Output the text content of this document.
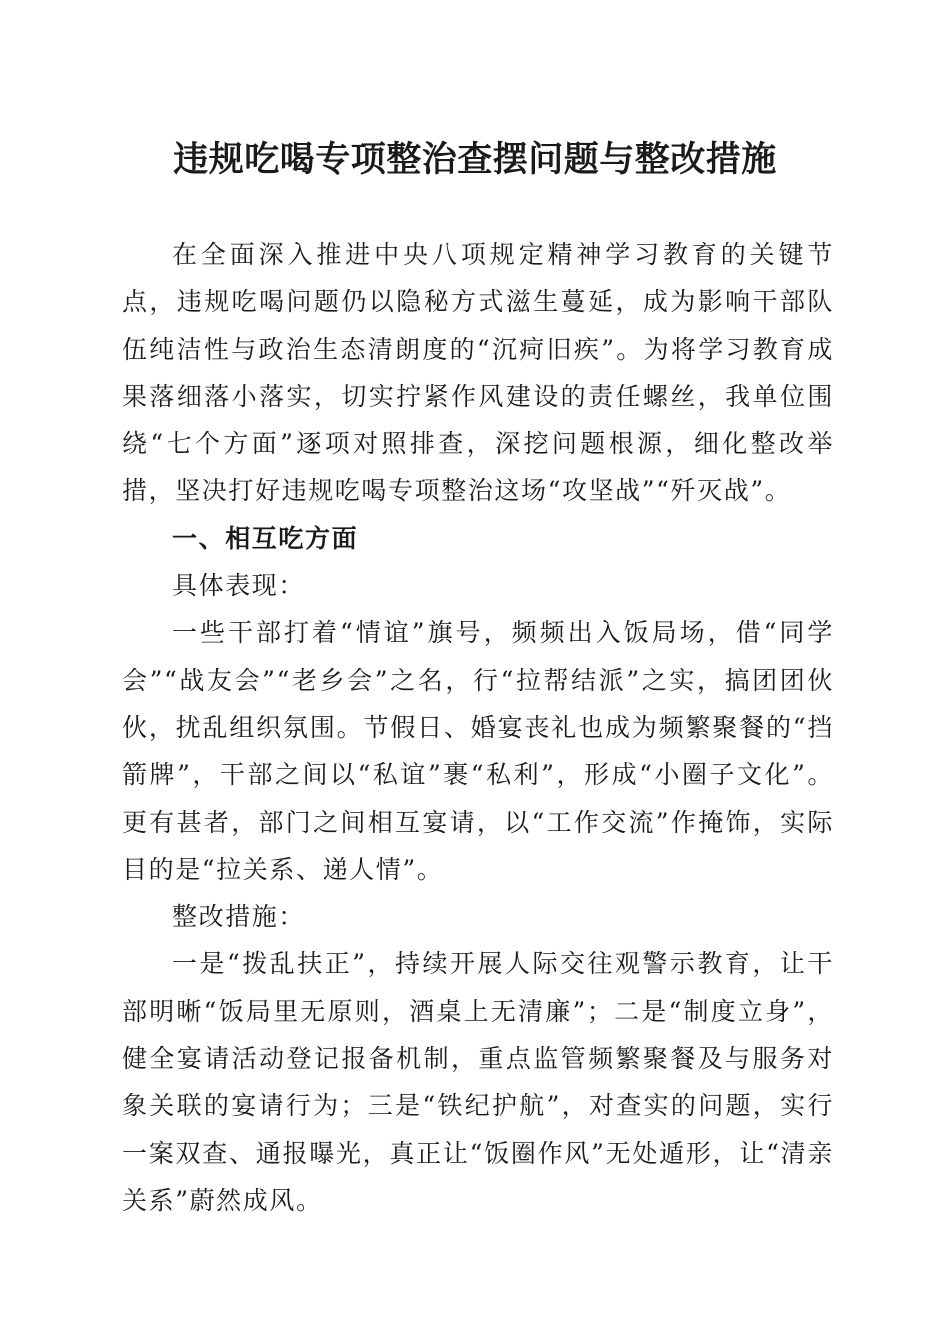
违规吃喝专项整治查摆问题与整改措施

在全面深入推进中央八项规定精神学习教育的关键节点，违规吃喝问题仍以隐秘方式滋生蔓延，成为影响干部队伍纯洁性与政治生态清朗度的“沉疴旧疾”。为将学习教育成果落细落小落实，切实拧紧作风建设的责任螺丝，我单位围绕“七个方面”逐项对照排查，深挖问题根源，细化整改举措，坚决打好违规吃喝专项整治这场“攻坚战”“歼灭战”。

一、相互吃方面

具体表现：

一些干部打着“情谊”旗号，频频出入饭局场，借“同学会”“战友会”“老乡会”之名，行“拉帮结派”之实，搞团团伙伙，扰乱组织氛围。节假日、婚宴丧礼也成为频繁聚餐的“挡箭牌”，干部之间以“私谊”裹“私利”，形成“小圈子文化”。更有甚者，部门之间相互宴请，以“工作交流”作掩饰，实际目的是“拉关系、递人情”。

整改措施：

一是“拨乱扶正”，持续开展人际交往观警示教育，让干部明晰“饭局里无原则，酒桌上无清廉”；二是“制度立身”，健全宴请活动登记报备机制，重点监管频繁聚餐及与服务对象关联的宴请行为；三是“铁纪护航”，对查实的问题，实行一案双查、通报曝光，真正让“饭圈作风”无处遁形，让“清亲关系”蔚然成风。
